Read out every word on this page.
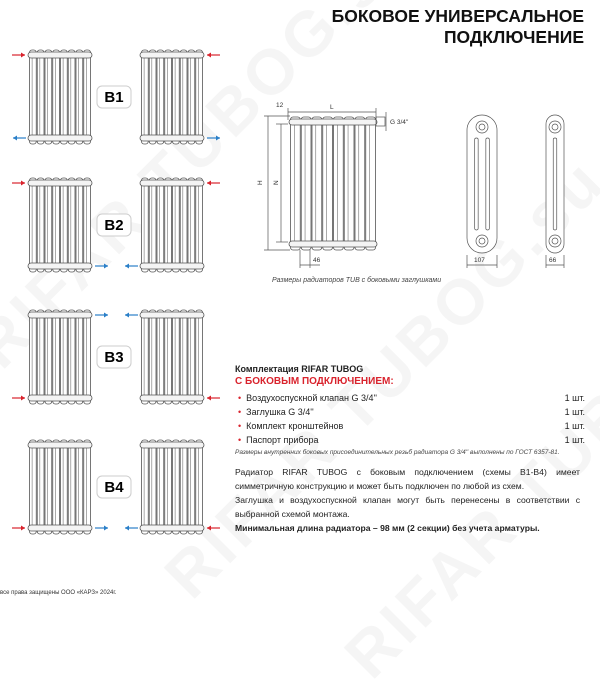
БОКОВОЕ УНИВЕРСАЛЬНОЕ
ПОДКЛЮЧЕНИЕ
B1
B2
B3
B4
12	L
H N
G 3/4''
46	107	66
Размеры радиаторов TUB с боковыми заглушками
Комплектация RIFAR TUBOG
С БОКОВЫМ ПОДКЛЮЧЕНИЕМ:
• Воздухоспускной клапан G 3/4''	1 шт.
• Заглушка G 3/4''	1 шт.
• Комплект кронштейнов	1 шт.
• Паспорт прибора	1 шт.
Размеры внутренних боковых присоединительных резьб радиатора G 3/4'' выполнены по ГОСТ 6357-81.

Радиатор RIFAR TUBOG с боковым подключением (схемы B1-B4) имеет симметричную конструкцию и может быть подключен по любой из схем.

Заглушка и воздухоспускной клапан могут быть перенесены в соответствии с выбранной схемой монтажа.

Минимальная длина радиатора – 98 мм (2 секции) без учета арматуры.

все права защищены ООО «КАРЗ» 2024г.
